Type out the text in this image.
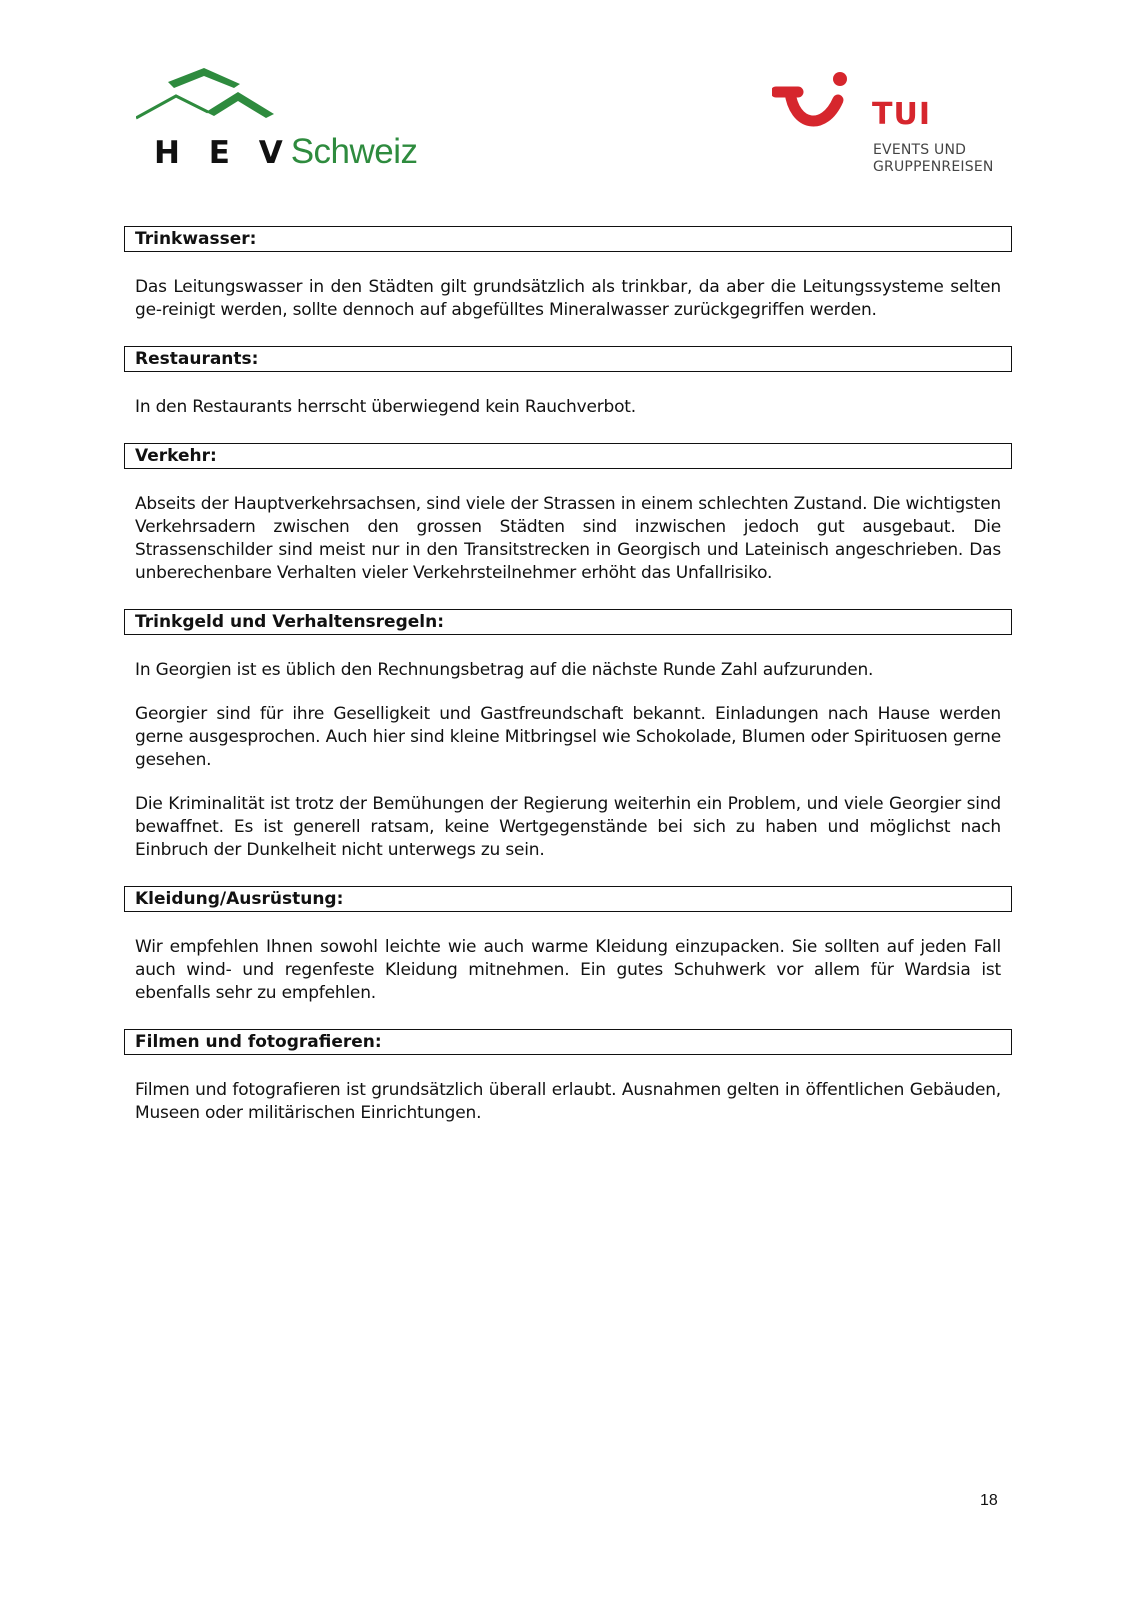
H E V Schweiz
TUI
EVENTS UND
GRUPPENREISEN
Trinkwasser:

Das Leitungswasser in den Städten gilt grundsätzlich als trinkbar, da aber die Leitungssysteme selten ge-reinigt werden, sollte dennoch auf abgefülltes Mineralwasser zurückgegriffen werden.

Restaurants:

In den Restaurants herrscht überwiegend kein Rauchverbot.

Verkehr:

Abseits der Hauptverkehrsachsen, sind viele der Strassen in einem schlechten Zustand. Die wichtigsten Verkehrsadern zwischen den grossen Städten sind inzwischen jedoch gut ausgebaut. Die Strassenschilder sind meist nur in den Transitstrecken in Georgisch und Lateinisch angeschrieben. Das unberechenbare Verhalten vieler Verkehrsteilnehmer erhöht das Unfallrisiko.

Trinkgeld und Verhaltensregeln:

In Georgien ist es üblich den Rechnungsbetrag auf die nächste Runde Zahl aufzurunden.

Georgier sind für ihre Geselligkeit und Gastfreundschaft bekannt. Einladungen nach Hause werden gerne ausgesprochen. Auch hier sind kleine Mitbringsel wie Schokolade, Blumen oder Spirituosen gerne gesehen.

Die Kriminalität ist trotz der Bemühungen der Regierung weiterhin ein Problem, und viele Georgier sind bewaffnet. Es ist generell ratsam, keine Wertgegenstände bei sich zu haben und möglichst nach Einbruch der Dunkelheit nicht unterwegs zu sein.

Kleidung/Ausrüstung:

Wir empfehlen Ihnen sowohl leichte wie auch warme Kleidung einzupacken. Sie sollten auf jeden Fall auch wind- und regenfeste Kleidung mitnehmen. Ein gutes Schuhwerk vor allem für Wardsia ist ebenfalls sehr zu empfehlen.

Filmen und fotografieren:

Filmen und fotografieren ist grundsätzlich überall erlaubt. Ausnahmen gelten in öffentlichen Gebäuden, Museen oder militärischen Einrichtungen.

18
